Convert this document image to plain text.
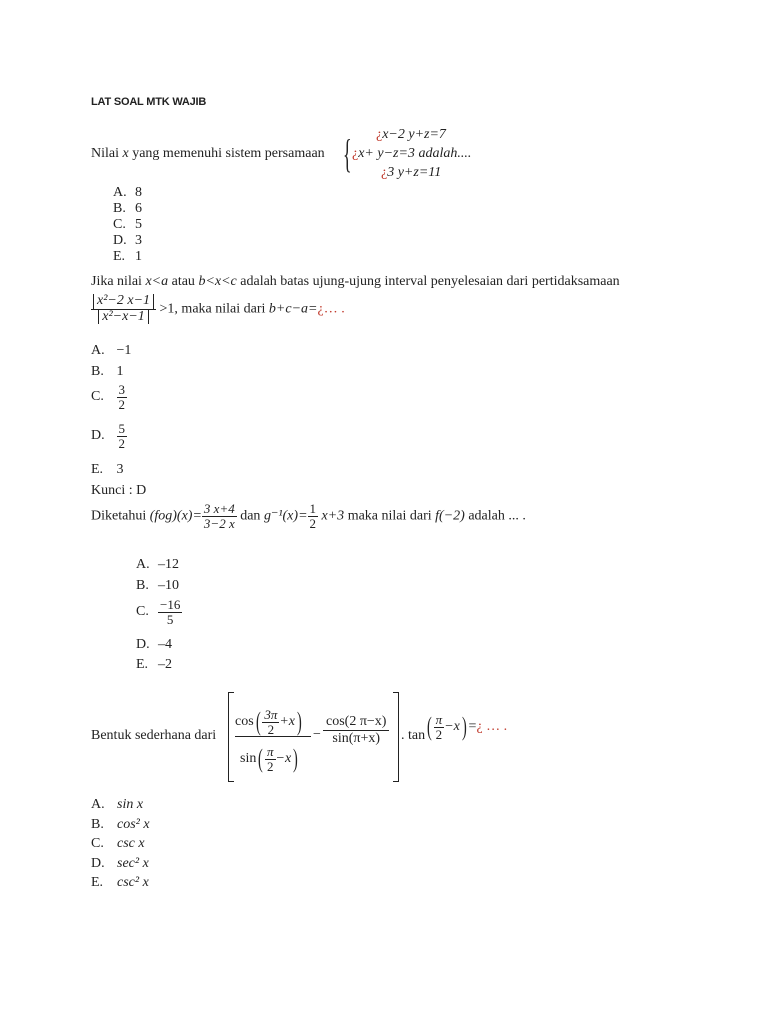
LAT SOAL MTK WAJIB
Nilai x yang memenuhi sistem persamaan { ¿x−2 y+z=7
¿x+ y−z=3 adalah....
¿3 y+z=11
A. 8
B. 6
C. 5
D. 3
E. 1
Jika nilai x<a atau b<x<c adalah batas ujung-ujung interval penyelesaian dari pertidaksamaan
$\frac{\text{x²−2 x−1}}{\text{x²−x−1}} >1$, maka nilai dari b+c−a=¿… .
A. −1
B. 1
C. $\frac{3}{2}$
D. $\frac{5}{2}$
E. 3
Kunci : D
Diketahui $(fog)(x)= \frac{3 x+4}{3-2 x}$ dan $g^{-1}(x)= \frac{1}{2} x+3$ maka nilai dari f(−2) adalah ... .
A. –12
B. –10
C. $\frac{-16}{5}$
D. –4
E. –2
Bentuk sederhana dari
$\cos( \frac{3\pi}{2} +x)$
$\sin( \frac{\pi}{2} -x)$
− $\frac{\cos(2 \pi-x)}{\sin(\pi+x)}$ . tan ( $\frac{\pi}{2} -x$) =¿ … .
A. sin x
B. cos² x
C. csc x
D. sec² x
E. csc² x
